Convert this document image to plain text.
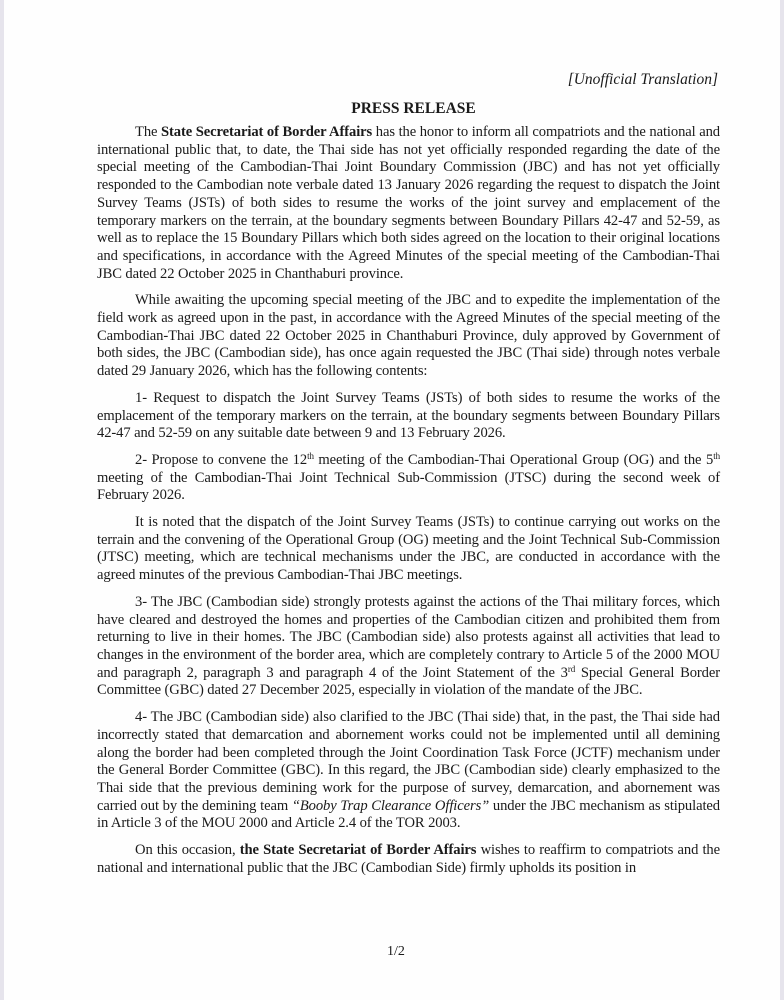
[Unofficial Translation]

PRESS RELEASE

The State Secretariat of Border Affairs has the honor to inform all compatriots and the national and international public that, to date, the Thai side has not yet officially responded regarding the date of the special meeting of the Cambodian-Thai Joint Boundary Commission (JBC) and has not yet officially responded to the Cambodian note verbale dated 13 January 2026 regarding the request to dispatch the Joint Survey Teams (JSTs) of both sides to resume the works of the joint survey and emplacement of the temporary markers on the terrain, at the boundary segments between Boundary Pillars 42-47 and 52-59, as well as to replace the 15 Boundary Pillars which both sides agreed on the location to their original locations and specifications, in accordance with the Agreed Minutes of the special meeting of the Cambodian-Thai JBC dated 22 October 2025 in Chanthaburi province.

While awaiting the upcoming special meeting of the JBC and to expedite the implementation of the field work as agreed upon in the past, in accordance with the Agreed Minutes of the special meeting of the Cambodian-Thai JBC dated 22 October 2025 in Chanthaburi Province, duly approved by Government of both sides, the JBC (Cambodian side), has once again requested the JBC (Thai side) through notes verbale dated 29 January 2026, which has the following contents:

1- Request to dispatch the Joint Survey Teams (JSTs) of both sides to resume the works of the emplacement of the temporary markers on the terrain, at the boundary segments between Boundary Pillars 42-47 and 52-59 on any suitable date between 9 and 13 February 2026.

2- Propose to convene the 12th meeting of the Cambodian-Thai Operational Group (OG) and the 5th meeting of the Cambodian-Thai Joint Technical Sub-Commission (JTSC) during the second week of February 2026.

It is noted that the dispatch of the Joint Survey Teams (JSTs) to continue carrying out works on the terrain and the convening of the Operational Group (OG) meeting and the Joint Technical Sub-Commission (JTSC) meeting, which are technical mechanisms under the JBC, are conducted in accordance with the agreed minutes of the previous Cambodian-Thai JBC meetings.

3- The JBC (Cambodian side) strongly protests against the actions of the Thai military forces, which have cleared and destroyed the homes and properties of the Cambodian citizen and prohibited them from returning to live in their homes. The JBC (Cambodian side) also protests against all activities that lead to changes in the environment of the border area, which are completely contrary to Article 5 of the 2000 MOU and paragraph 2, paragraph 3 and paragraph 4 of the Joint Statement of the 3rd Special General Border Committee (GBC) dated 27 December 2025, especially in violation of the mandate of the JBC.

4- The JBC (Cambodian side) also clarified to the JBC (Thai side) that, in the past, the Thai side had incorrectly stated that demarcation and abornement works could not be implemented until all demining along the border had been completed through the Joint Coordination Task Force (JCTF) mechanism under the General Border Committee (GBC). In this regard, the JBC (Cambodian side) clearly emphasized to the Thai side that the previous demining work for the purpose of survey, demarcation, and abornement was carried out by the demining team “Booby Trap Clearance Officers” under the JBC mechanism as stipulated in Article 3 of the MOU 2000 and Article 2.4 of the TOR 2003.

On this occasion, the State Secretariat of Border Affairs wishes to reaffirm to compatriots and the national and international public that the JBC (Cambodian Side) firmly upholds its position in

1/2
